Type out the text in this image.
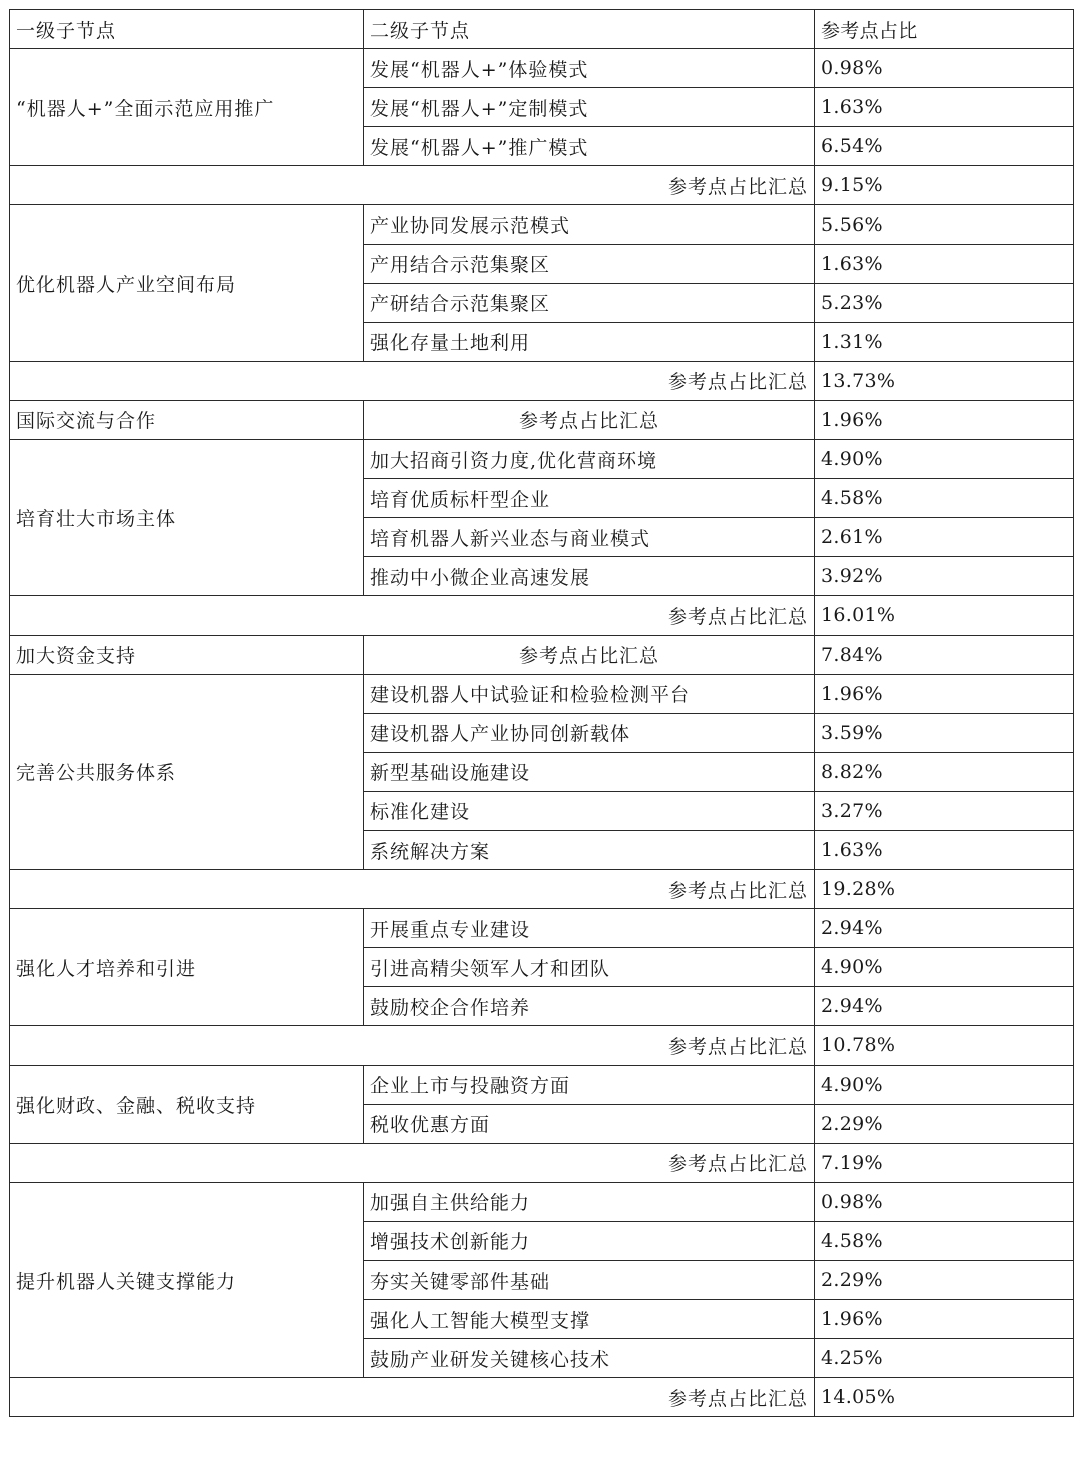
一级子节点	二级子节点	参考点占比
“机器人+”全面示范应用推广	发展“机器人+”体验模式	0.98%
	发展“机器人+”定制模式	1.63%
	发展“机器人+”推广模式	6.54%
参考点占比汇总		9.15%
优化机器人产业空间布局	产业协同发展示范模式	5.56%
	产用结合示范集聚区	1.63%
	产研结合示范集聚区	5.23%
	强化存量土地利用	1.31%
参考点占比汇总		13.73%
国际交流与合作	参考点占比汇总	1.96%
培育壮大市场主体	加大招商引资力度,优化营商环境	4.90%
	培育优质标杆型企业	4.58%
	培育机器人新兴业态与商业模式	2.61%
	推动中小微企业高速发展	3.92%
参考点占比汇总		16.01%
加大资金支持	参考点占比汇总	7.84%
完善公共服务体系	建设机器人中试验证和检验检测平台	1.96%
	建设机器人产业协同创新载体	3.59%
	新型基础设施建设	8.82%
	标准化建设	3.27%
	系统解决方案	1.63%
参考点占比汇总		19.28%
强化人才培养和引进	开展重点专业建设	2.94%
	引进高精尖领军人才和团队	4.90%
	鼓励校企合作培养	2.94%
参考点占比汇总		10.78%
强化财政、金融、税收支持	企业上市与投融资方面	4.90%
	税收优惠方面	2.29%
参考点占比汇总		7.19%
提升机器人关键支撑能力	加强自主供给能力	0.98%
	增强技术创新能力	4.58%
	夯实关键零部件基础	2.29%
	强化人工智能大模型支撑	1.96%
	鼓励产业研发关键核心技术	4.25%
参考点占比汇总		14.05%
